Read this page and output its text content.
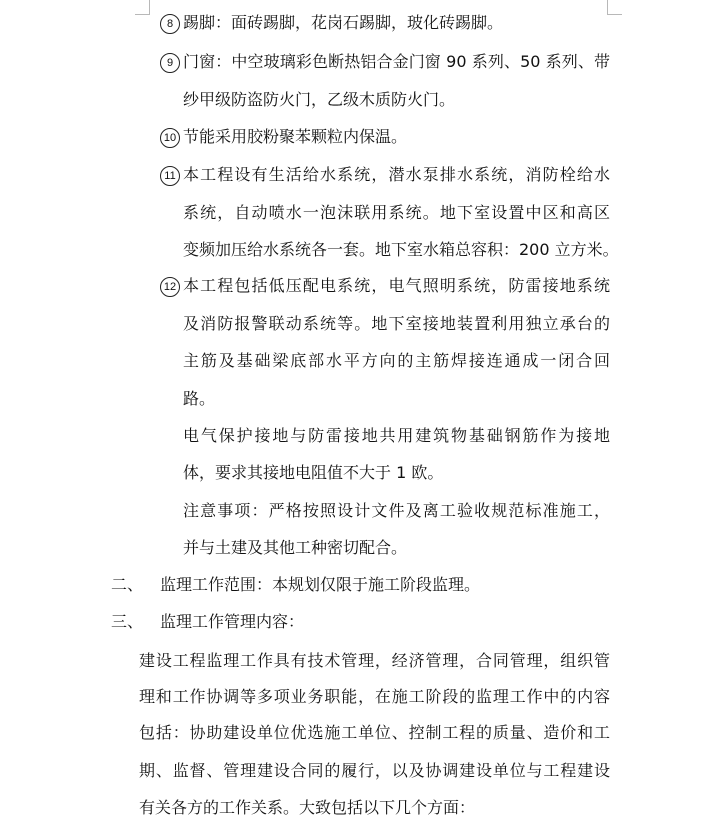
8 踢脚：面砖踢脚，花岗石踢脚，玻化砖踢脚。
9 门窗：中空玻璃彩色断热铝合金门窗 90 系列、50 系列、带
纱甲级防盗防火门，乙级木质防火门。
10 节能采用胶粉聚苯颗粒内保温。
11 本工程设有生活给水系统，潜水泵排水系统，消防栓给水
系统，自动喷水一泡沫联用系统。地下室设置中区和高区
变频加压给水系统各一套。地下室水箱总容积：200 立方米。
12 本工程包括低压配电系统，电气照明系统，防雷接地系统
及消防报警联动系统等。地下室接地装置利用独立承台的
主筋及基础梁底部水平方向的主筋焊接连通成一闭合回
路。
电气保护接地与防雷接地共用建筑物基础钢筋作为接地
体，要求其接地电阻值不大于 1 欧。
注意事项：严格按照设计文件及离工验收规范标准施工，
并与土建及其他工种密切配合。
二、 监理工作范围：本规划仅限于施工阶段监理。
三、 监理工作管理内容：
建设工程监理工作具有技术管理，经济管理，合同管理，组织管
理和工作协调等多项业务职能，在施工阶段的监理工作中的内容
包括：协助建设单位优选施工单位、控制工程的质量、造价和工
期、监督、管理建设合同的履行，以及协调建设单位与工程建设
有关各方的工作关系。大致包括以下几个方面：
